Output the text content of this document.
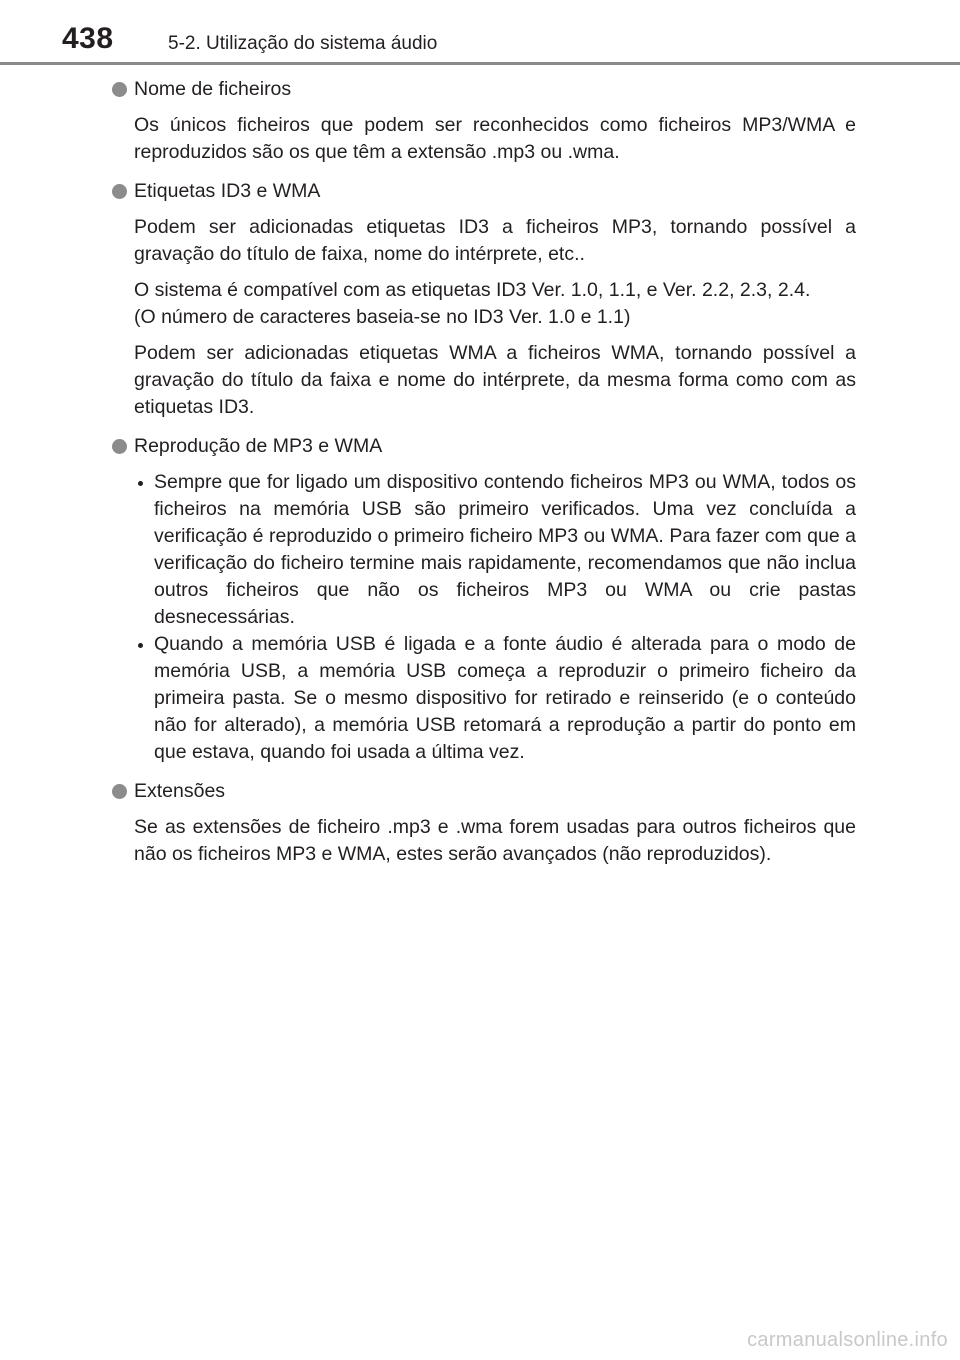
438	5-2. Utilização do sistema áudio
Nome de ficheiros

Os únicos ficheiros que podem ser reconhecidos como ficheiros MP3/WMA e reproduzidos são os que têm a extensão .mp3 ou .wma.

Etiquetas ID3 e WMA

Podem ser adicionadas etiquetas ID3 a ficheiros MP3, tornando possível a gravação do título de faixa, nome do intérprete, etc..

O sistema é compatível com as etiquetas ID3 Ver. 1.0, 1.1, e Ver. 2.2, 2.3, 2.4.

(O número de caracteres baseia-se no ID3 Ver. 1.0 e 1.1)

Podem ser adicionadas etiquetas WMA a ficheiros WMA, tornando possível a gravação do título da faixa e nome do intérprete, da mesma forma como com as etiquetas ID3.

Reprodução de MP3 e WMA
Sempre que for ligado um dispositivo contendo ficheiros MP3 ou WMA, todos os ficheiros na memória USB são primeiro verificados. Uma vez concluída a verificação é reproduzido o primeiro ficheiro MP3 ou WMA. Para fazer com que a verificação do ficheiro termine mais rapidamente, recomendamos que não inclua outros ficheiros que não os ficheiros MP3 ou WMA ou crie pastas desnecessárias.
Quando a memória USB é ligada e a fonte áudio é alterada para o modo de memória USB, a memória USB começa a reproduzir o primeiro ficheiro da primeira pasta. Se o mesmo dispositivo for retirado e reinserido (e o conteúdo não for alterado), a memória USB retomará a reprodução a partir do ponto em que estava, quando foi usada a última vez.
Extensões

Se as extensões de ficheiro .mp3 e .wma forem usadas para outros ficheiros que não os ficheiros MP3 e WMA, estes serão avançados (não reproduzidos).

carmanualsonline.info
